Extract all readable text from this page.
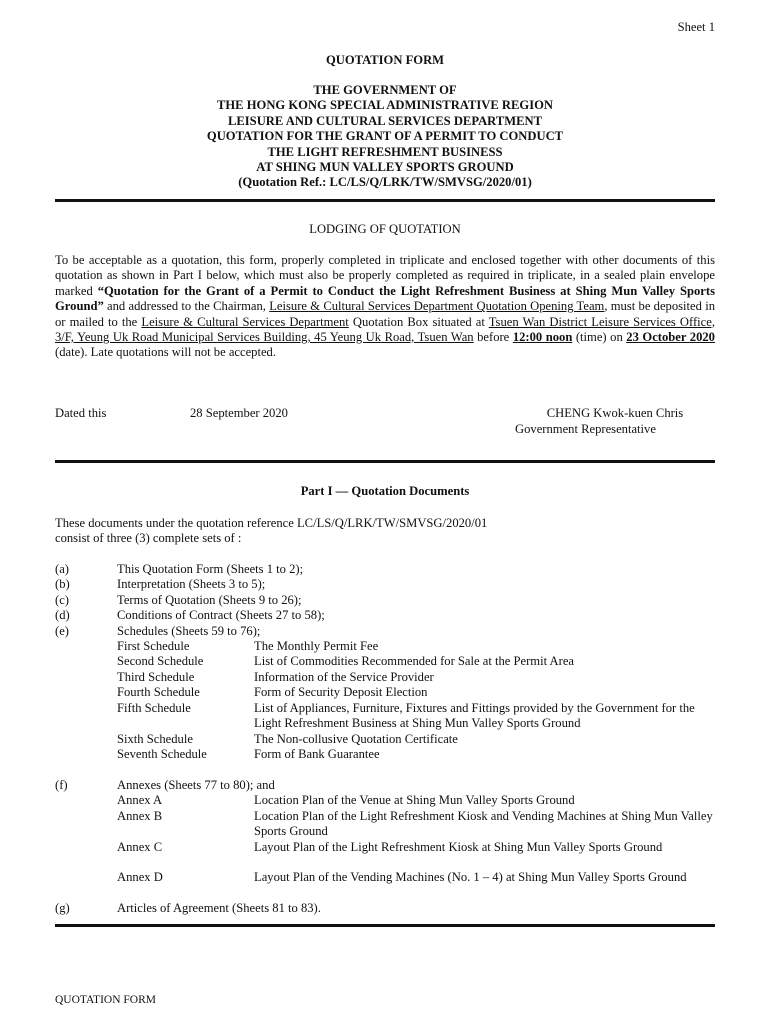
Sheet 1
QUOTATION FORM
THE GOVERNMENT OF
THE HONG KONG SPECIAL ADMINISTRATIVE REGION
LEISURE AND CULTURAL SERVICES DEPARTMENT
QUOTATION FOR THE GRANT OF A PERMIT TO CONDUCT
THE LIGHT REFRESHMENT BUSINESS
AT SHING MUN VALLEY SPORTS GROUND
(Quotation Ref.: LC/LS/Q/LRK/TW/SMVSG/2020/01)
LODGING OF QUOTATION
To be acceptable as a quotation, this form, properly completed in triplicate and enclosed together with other documents of this quotation as shown in Part I below, which must also be properly completed as required in triplicate, in a sealed plain envelope marked “Quotation for the Grant of a Permit to Conduct the Light Refreshment Business at Shing Mun Valley Sports Ground” and addressed to the Chairman, Leisure & Cultural Services Department Quotation Opening Team, must be deposited in or mailed to the Leisure & Cultural Services Department Quotation Box situated at Tsuen Wan District Leisure Services Office, 3/F, Yeung Uk Road Municipal Services Building, 45 Yeung Uk Road, Tsuen Wan before 12:00 noon (time) on 23 October 2020 (date). Late quotations will not be accepted.
Dated this	28 September 2020	CHENG Kwok-kuen Chris
Government Representative
Part I — Quotation Documents
These documents under the quotation reference LC/LS/Q/LRK/TW/SMVSG/2020/01
consist of three (3) complete sets of :
(a)	This Quotation Form (Sheets 1 to 2);
(b)	Interpretation (Sheets 3 to 5);
(c)	Terms of Quotation (Sheets 9 to 26);
(d)	Conditions of Contract (Sheets 27 to 58);
(e)	Schedules (Sheets 59 to 76);
First Schedule	The Monthly Permit Fee
Second Schedule	List of Commodities Recommended for Sale at the Permit Area
Third Schedule	Information of the Service Provider
Fourth Schedule	Form of Security Deposit Election
Fifth Schedule	List of Appliances, Furniture, Fixtures and Fittings provided by the Government for the Light Refreshment Business at Shing Mun Valley Sports Ground
Sixth Schedule	The Non-collusive Quotation Certificate
Seventh Schedule	Form of Bank Guarantee
(f)	Annexes (Sheets 77 to 80); and
Annex A	Location Plan of the Venue at Shing Mun Valley Sports Ground
Annex B	Location Plan of the Light Refreshment Kiosk and Vending Machines at Shing Mun Valley Sports Ground
Annex C	Layout Plan of the Light Refreshment Kiosk at Shing Mun Valley Sports Ground
Annex D	Layout Plan of the Vending Machines (No. 1 – 4) at Shing Mun Valley Sports Ground
(g)	Articles of Agreement (Sheets 81 to 83).
QUOTATION FORM
